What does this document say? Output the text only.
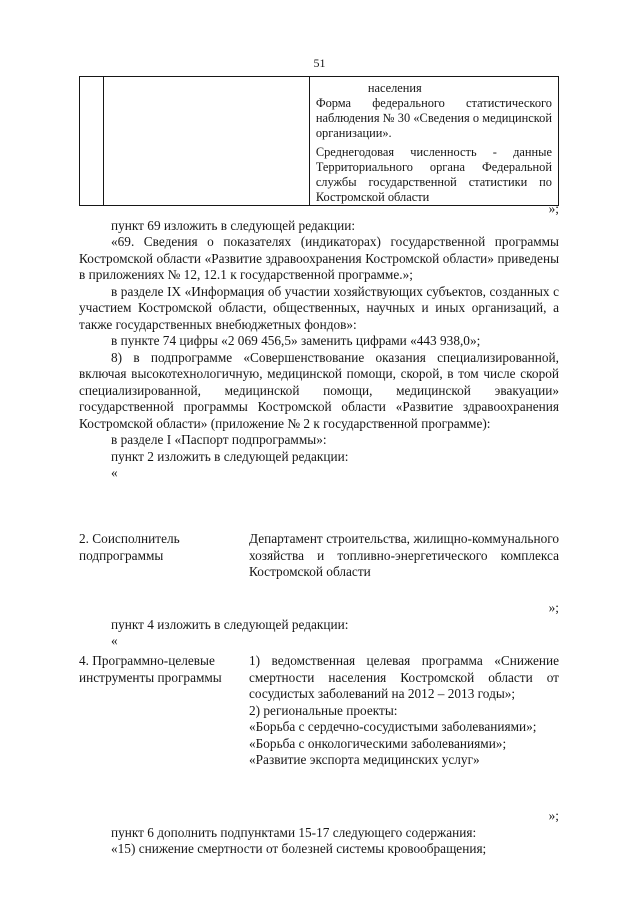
51

населения
Форма федерального статистического наблюдения № 30 «Сведения о медицинской организации».
Среднегодовая численность - данные Территориального органа Федеральной службы государственной статистики по Костромской области

»;

пункт 69 изложить в следующей редакции:

«69. Сведения о показателях (индикаторах) государственной программы Костромской области «Развитие здравоохранения Костромской области» приведены в приложениях № 12, 12.1 к государственной программе.»;

в разделе IX «Информация об участии хозяйствующих субъектов, созданных с участием Костромской области, общественных, научных и иных организаций, а также государственных внебюджетных фондов»:

в пункте 74 цифры «2 069 456,5» заменить цифрами «443 938,0»;

8) в подпрограмме «Совершенствование оказания специализированной, включая высокотехнологичную, медицинской помощи, скорой, в том числе скорой специализированной, медицинской помощи, медицинской эвакуации» государственной программы Костромской области «Развитие здравоохранения Костромской области» (приложение № 2 к государственной программе):

в разделе I «Паспорт подпрограммы»:

пункт 2 изложить в следующей редакции:

«

2. Соисполнитель подпрограммы
Департамент строительства, жилищно-коммунального хозяйства и топливно-энергетического комплекса Костромской области

»;

пункт 4 изложить в следующей редакции:

«

4. Программно-целевые инструменты программы

1) ведомственная целевая программа «Снижение смертности населения Костромской области от сосудистых заболеваний на 2012 – 2013 годы»;

2) региональные проекты:

«Борьба с сердечно-сосудистыми заболеваниями»;

«Борьба с онкологическими заболеваниями»;

«Развитие экспорта медицинских услуг»

»;

пункт 6 дополнить подпунктами 15-17 следующего содержания:

«15) снижение смертности от болезней системы кровообращения;
